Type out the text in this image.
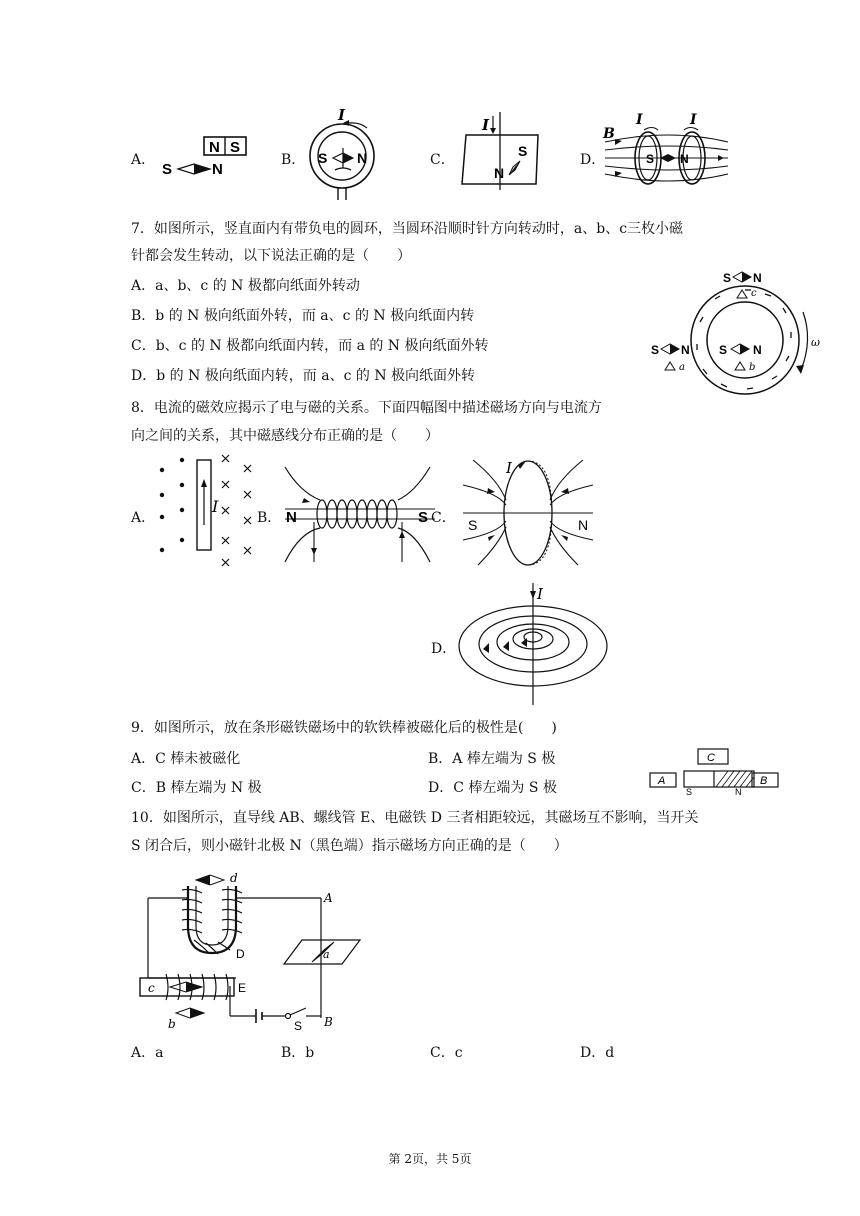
A．
N S
S	N
B．
I
S N	C．
I
S
N
D．
B
I	I
S N
7．如图所示，竖直面内有带负电的圆环，当圆环沿顺时针方向转动时，a、b、c三枚小磁
针都会发生转动，以下说法正确的是（　　）
A．a、b、c 的 N 极都向纸面外转动
B．b 的 N 极向纸面外转，而 a、c 的 N 极向纸面内转
C．b、c 的 N 极都向纸面内转，而 a 的 N 极向纸面外转
D．b 的 N 极向纸面内转，而 a、c 的 N 极向纸面外转
ω
S N
c
S N
a
S N
b
8．电流的磁效应揭示了电与磁的关系。下面四幅图中描述磁场方向与电流方
向之间的关系，其中磁感线分布正确的是（　　）
A．
I
B． N	S C．
I
S	N
D．
I
9．如图所示，放在条形磁铁磁场中的软铁棒被磁化后的极性是(　　)
A．C 棒未被磁化	B．A 棒左端为 S 极
C．B 棒左端为 N 极	D．C 棒左端为 S 极
C
A
S	N
B
10．如图所示，直导线 AB、螺线管 E、电磁铁 D 三者相距较远，其磁场互不影响，当开关
S 闭合后，则小磁针北极 N（黑色端）指示磁场方向正确的是（　　）
D
d
c	E
b
a
A
B
S
A．a	B．b	C．c	D．d
第 2页，共 5页
